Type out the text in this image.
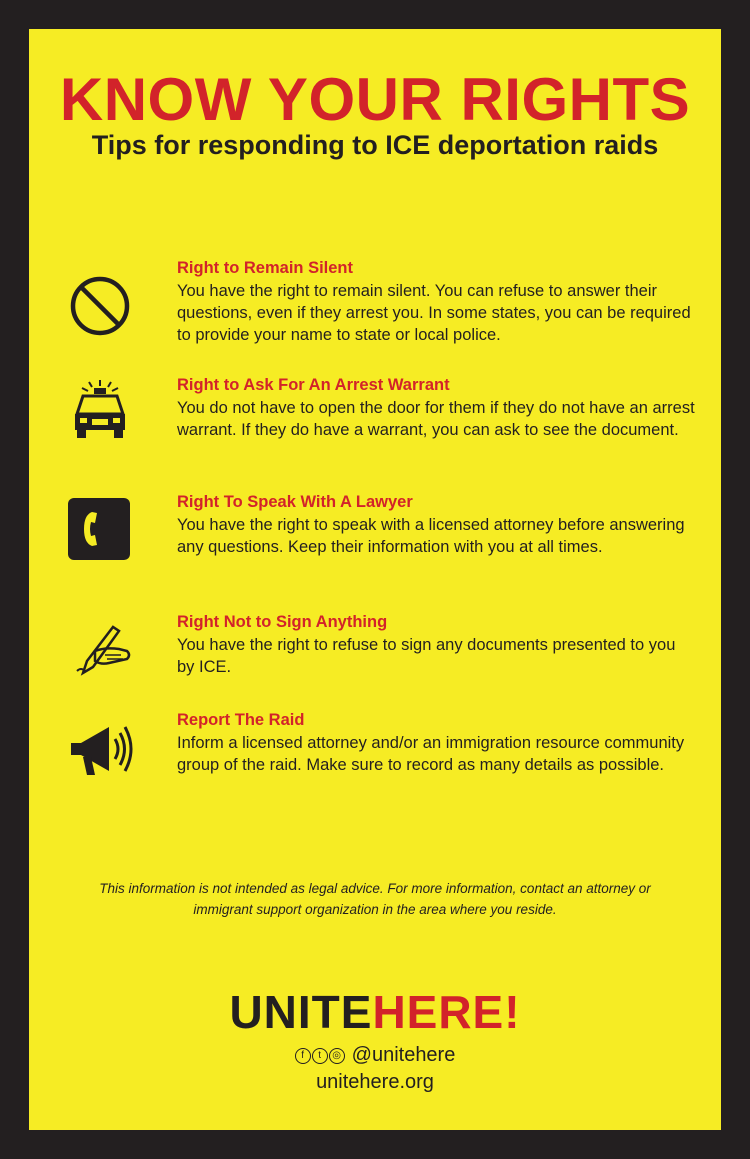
KNOW YOUR RIGHTS
Tips for responding to ICE deportation raids
Right to Remain Silent
You have the right to remain silent. You can refuse to answer their questions, even if they arrest you. In some states, you can be required to provide your name to state or local police.
Right to Ask For An Arrest Warrant
You do not have to open the door for them if they do not have an arrest warrant. If they do have a warrant, you can ask to see the document.
Right To Speak With A Lawyer
You have the right to speak with a licensed attorney before answering any questions. Keep their information with you at all times.
Right Not to Sign Anything
You have the right to refuse to sign any documents presented to you by ICE.
Report The Raid
Inform a licensed attorney and/or an immigration resource community group of the raid. Make sure to record as many details as possible.
This information is not intended as legal advice. For more information, contact an attorney or immigrant support organization in the area where you reside.
UNITEHERE!
f t ◎ @unitehere
unitehere.org
